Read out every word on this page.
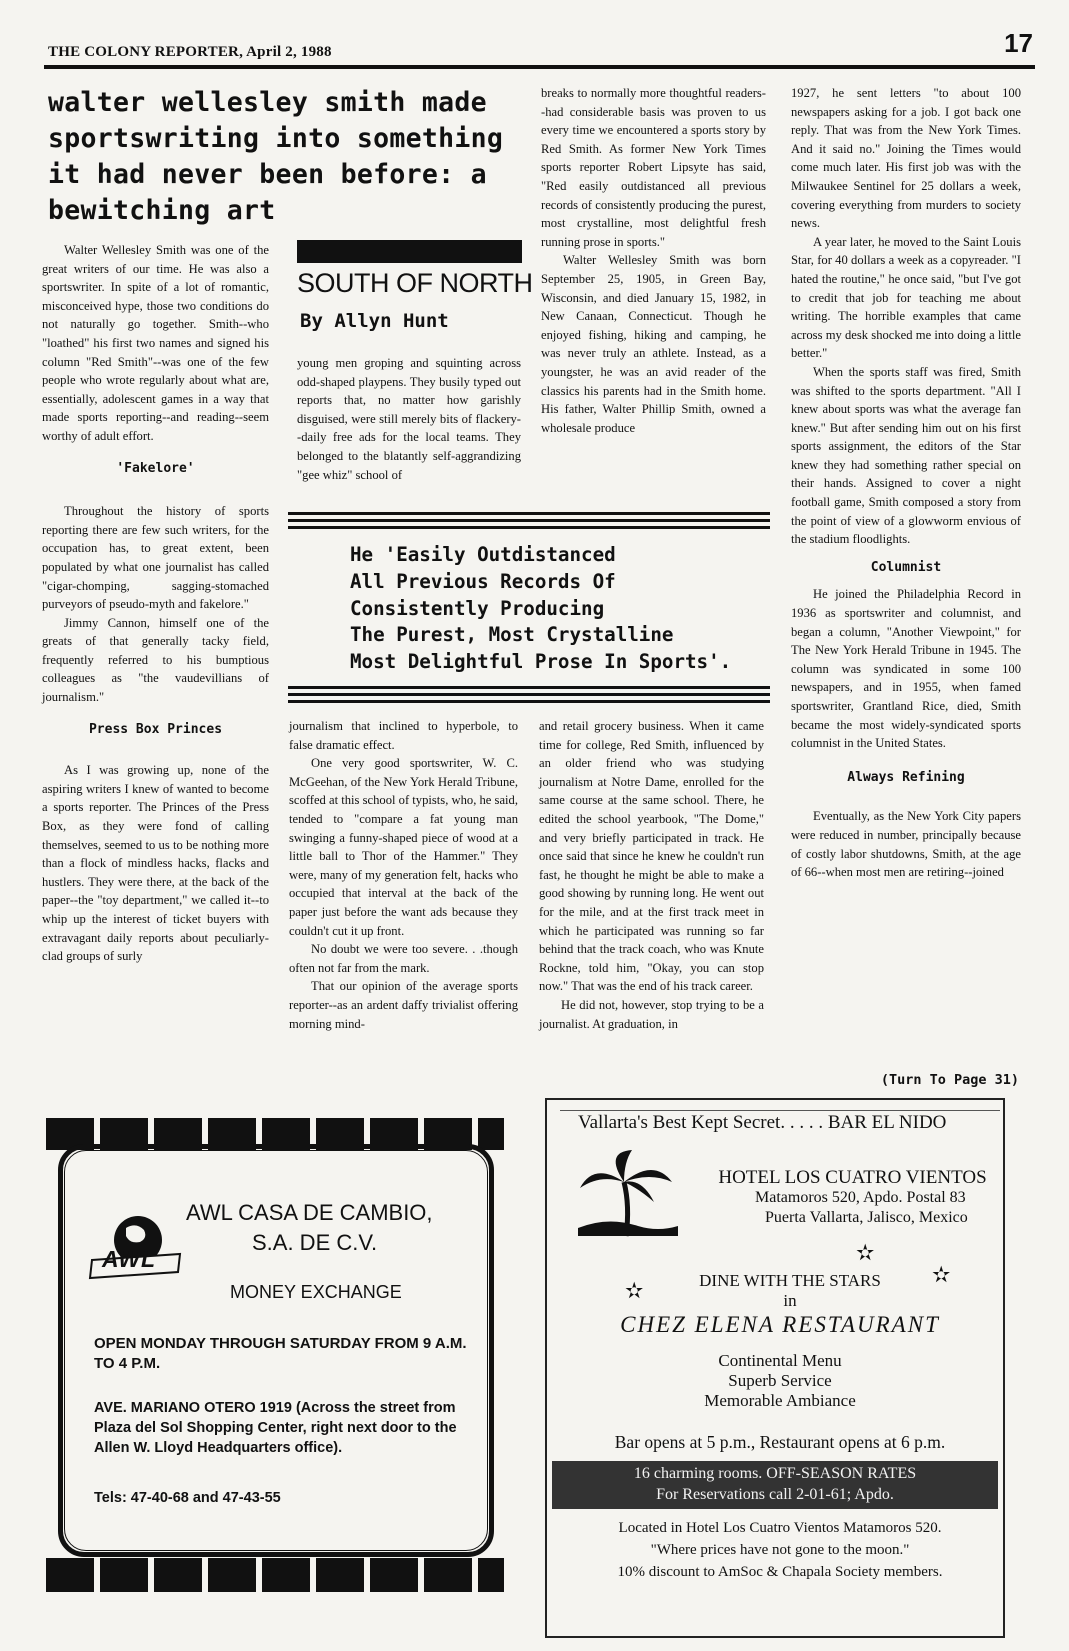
THE COLONY REPORTER, April 2, 1988	17
walter wellesley smith made sportswriting into something it had never been before: a bewitching art

Walter Wellesley Smith was one of the great writers of our time. He was also a sportswriter. In spite of a lot of romantic, misconceived hype, those two conditions do not naturally go together. Smith--who "loathed" his first two names and signed his column "Red Smith"--was one of the few people who wrote regularly about what are, essentially, adolescent games in a way that made sports reporting--and reading--seem worthy of adult effort.

'Fakelore'

Throughout the history of sports reporting there are few such writers, for the occupation has, to great extent, been populated by what one journalist has called "cigar-chomping, sagging-stomached purveyors of pseudo-myth and fakelore."

Jimmy Cannon, himself one of the greats of that generally tacky field, frequently referred to his bumptious colleagues as "the vaudevillians of journalism."

Press Box Princes

As I was growing up, none of the aspiring writers I knew of wanted to become a sports reporter. The Princes of the Press Box, as they were fond of calling themselves, seemed to us to be nothing more than a flock of mindless hacks, flacks and hustlers. They were there, at the back of the paper--the "toy department," we called it--to whip up the interest of ticket buyers with extravagant daily reports about peculiarly-clad groups of surly

SOUTH OF NORTH
By Allyn Hunt

young men groping and squinting across odd-shaped playpens. They busily typed out reports that, no matter how garishly disguised, were still merely bits of flackery--daily free ads for the local teams. They belonged to the blatantly self-aggrandizing "gee whiz" school of

breaks to normally more thoughtful readers--had considerable basis was proven to us every time we encountered a sports story by Red Smith. As former New York Times sports reporter Robert Lipsyte has said, "Red easily outdistanced all previous records of consistently producing the purest, most crystalline, most delightful fresh running prose in sports."

Walter Wellesley Smith was born September 25, 1905, in Green Bay, Wisconsin, and died January 15, 1982, in New Canaan, Connecticut. Though he enjoyed fishing, hiking and camping, he was never truly an athlete. Instead, as a youngster, he was an avid reader of the classics his parents had in the Smith home. His father, Walter Phillip Smith, owned a wholesale produce

He 'Easily Outdistanced
All Previous Records Of
Consistently Producing
The Purest, Most Crystalline
Most Delightful Prose In Sports'.

journalism that inclined to hyperbole, to false dramatic effect.

One very good sportswriter, W. C. McGeehan, of the New York Herald Tribune, scoffed at this school of typists, who, he said, tended to "compare a fat young man swinging a funny-shaped piece of wood at a little ball to Thor of the Hammer." They were, many of my generation felt, hacks who occupied that interval at the back of the paper just before the want ads because they couldn't cut it up front.

No doubt we were too severe. . .though often not far from the mark.

That our opinion of the average sports reporter--as an ardent daffy trivialist offering morning mind-

and retail grocery business. When it came time for college, Red Smith, influenced by an older friend who was studying journalism at Notre Dame, enrolled for the same course at the same school. There, he edited the school yearbook, "The Dome," and very briefly participated in track. He once said that since he knew he couldn't run fast, he thought he might be able to make a good showing by running long. He went out for the mile, and at the first track meet in which he participated was running so far behind that the track coach, who was Knute Rockne, told him, "Okay, you can stop now." That was the end of his track career.

He did not, however, stop trying to be a journalist. At graduation, in

1927, he sent letters "to about 100 newspapers asking for a job. I got back one reply. That was from the New York Times. And it said no." Joining the Times would come much later. His first job was with the Milwaukee Sentinel for 25 dollars a week, covering everything from murders to society news.

A year later, he moved to the Saint Louis Star, for 40 dollars a week as a copyreader. "I hated the routine," he once said, "but I've got to credit that job for teaching me about writing. The horrible examples that came across my desk shocked me into doing a little better."

When the sports staff was fired, Smith was shifted to the sports department. "All I knew about sports was what the average fan knew." But after sending him out on his first sports assignment, the editors of the Star knew they had something rather special on their hands. Assigned to cover a night football game, Smith composed a story from the point of view of a glowworm envious of the stadium floodlights.

Columnist

He joined the Philadelphia Record in 1936 as sportswriter and columnist, and began a column, "Another Viewpoint," for The New York Herald Tribune in 1945. The column was syndicated in some 100 newspapers, and in 1955, when famed sportswriter, Grantland Rice, died, Smith became the most widely-syndicated sports columnist in the United States.

Always Refining

Eventually, as the New York City papers were reduced in number, principally because of costly labor shutdowns, Smith, at the age of 66--when most men are retiring--joined

(Turn To Page 31)
AWL
AWL CASA DE CAMBIO,
S.A. DE C.V.
MONEY EXCHANGE
OPEN MONDAY THROUGH SATURDAY FROM 9 A.M. TO 4 P.M.
AVE. MARIANO OTERO 1919 (Across the street from Plaza del Sol Shopping Center, right next door to the Allen W. Lloyd Headquarters office).
Tels: 47-40-68 and 47-43-55
Vallarta's Best Kept Secret. . . . . BAR EL NIDO
HOTEL LOS CUATRO VIENTOS
Matamoros 520, Apdo. Postal 83
Puerta Vallarta, Jalisco, Mexico
✫
✫
✫
DINE WITH THE STARS
in
CHEZ ELENA RESTAURANT
Continental Menu
Superb Service
Memorable Ambiance
Bar opens at 5 p.m., Restaurant opens at 6 p.m.
16 charming rooms. OFF-SEASON RATES
For Reservations call 2-01-61; Apdo.
Located in Hotel Los Cuatro Vientos Matamoros 520.
"Where prices have not gone to the moon."
10% discount to AmSoc & Chapala Society members.
